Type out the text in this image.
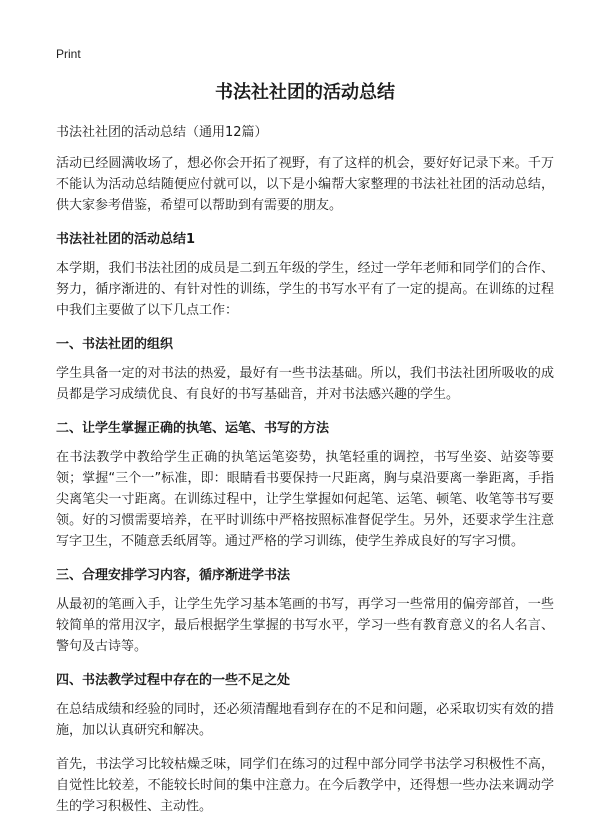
Print
书法社社团的活动总结
书法社社团的活动总结（通用12篇）

活动已经圆满收场了，想必你会开拓了视野，有了这样的机会，要好好记录下来。千万不能认为活动总结随便应付就可以，以下是小编帮大家整理的书法社社团的活动总结，供大家参考借鉴，希望可以帮助到有需要的朋友。

书法社社团的活动总结1

本学期，我们书法社团的成员是二到五年级的学生，经过一学年老师和同学们的合作、努力，循序渐进的、有针对性的训练，学生的书写水平有了一定的提高。在训练的过程中我们主要做了以下几点工作：

一、书法社团的组织

学生具备一定的对书法的热爱，最好有一些书法基础。所以，我们书法社团所吸收的成员都是学习成绩优良、有良好的书写基础音，并对书法感兴趣的学生。

二、让学生掌握正确的执笔、运笔、书写的方法

在书法教学中教给学生正确的执笔运笔姿势，执笔轻重的调控，书写坐姿、站姿等要领；掌握“三个一”标准，即：眼睛看书要保持一尺距离，胸与桌沿要离一拳距离，手指尖离笔尖一寸距离。在训练过程中，让学生掌握如何起笔、运笔、顿笔、收笔等书写要领。好的习惯需要培养，在平时训练中严格按照标准督促学生。另外，还要求学生注意写字卫生，不随意丢纸屑等。通过严格的学习训练，使学生养成良好的写字习惯。

三、合理安排学习内容，循序渐进学书法

从最初的笔画入手，让学生先学习基本笔画的书写，再学习一些常用的偏旁部首，一些较简单的常用汉字，最后根据学生掌握的书写水平，学习一些有教育意义的名人名言、警句及古诗等。

四、书法教学过程中存在的一些不足之处

在总结成绩和经验的同时，还必须清醒地看到存在的不足和问题，必采取切实有效的措施，加以认真研究和解决。

首先，书法学习比较枯燥乏味，同学们在练习的过程中部分同学书法学习积极性不高，自觉性比较差，不能较长时间的集中注意力。在今后教学中，还得想一些办法来调动学生的学习积极性、主动性。
